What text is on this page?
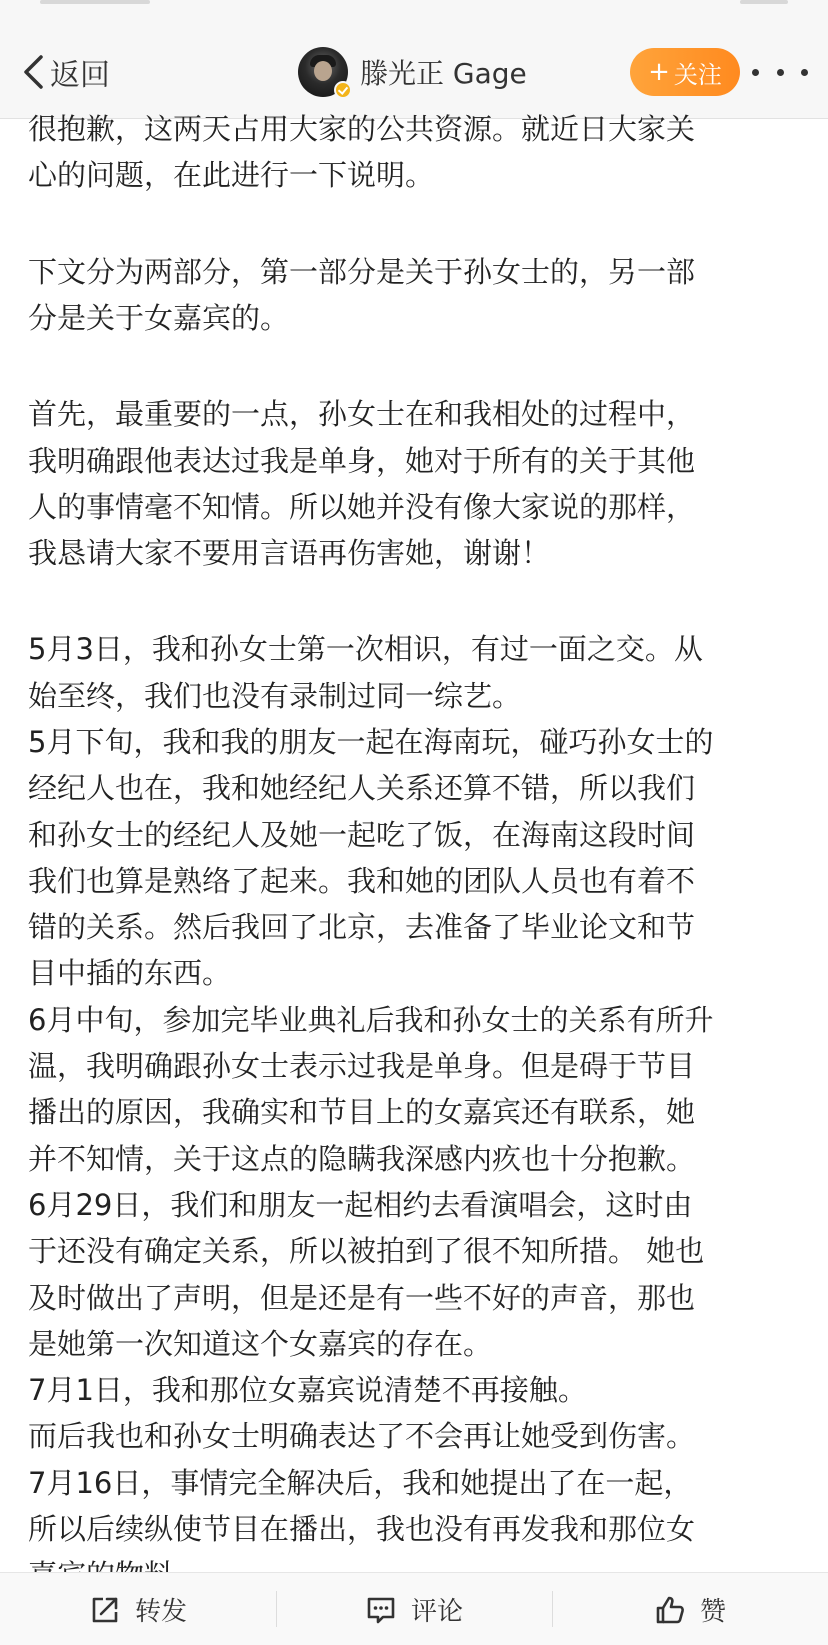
返回	滕光正 Gage	+ 关注
很抱歉，这两天占用大家的公共资源。就近日大家关
心的问题，在此进行一下说明。
下文分为两部分，第一部分是关于孙女士的，另一部
分是关于女嘉宾的。
首先，最重要的一点，孙女士在和我相处的过程中，
我明确跟他表达过我是单身，她对于所有的关于其他
人的事情毫不知情。所以她并没有像大家说的那样，
我恳请大家不要用言语再伤害她，谢谢！
5月3日，我和孙女士第一次相识，有过一面之交。从
始至终，我们也没有录制过同一综艺。
5月下旬，我和我的朋友一起在海南玩，碰巧孙女士的
经纪人也在，我和她经纪人关系还算不错，所以我们
和孙女士的经纪人及她一起吃了饭，在海南这段时间
我们也算是熟络了起来。我和她的团队人员也有着不
错的关系。然后我回了北京，去准备了毕业论文和节
目中插的东西。
6月中旬，参加完毕业典礼后我和孙女士的关系有所升
温，我明确跟孙女士表示过我是单身。但是碍于节目
播出的原因，我确实和节目上的女嘉宾还有联系，她
并不知情，关于这点的隐瞒我深感内疚也十分抱歉。
6月29日，我们和朋友一起相约去看演唱会，这时由
于还没有确定关系，所以被拍到了很不知所措。 她也
及时做出了声明，但是还是有一些不好的声音，那也
是她第一次知道这个女嘉宾的存在。
7月1日，我和那位女嘉宾说清楚不再接触。
而后我也和孙女士明确表达了不会再让她受到伤害。
7月16日，事情完全解决后，我和她提出了在一起，
所以后续纵使节目在播出，我也没有再发我和那位女
转发	评论	赞
